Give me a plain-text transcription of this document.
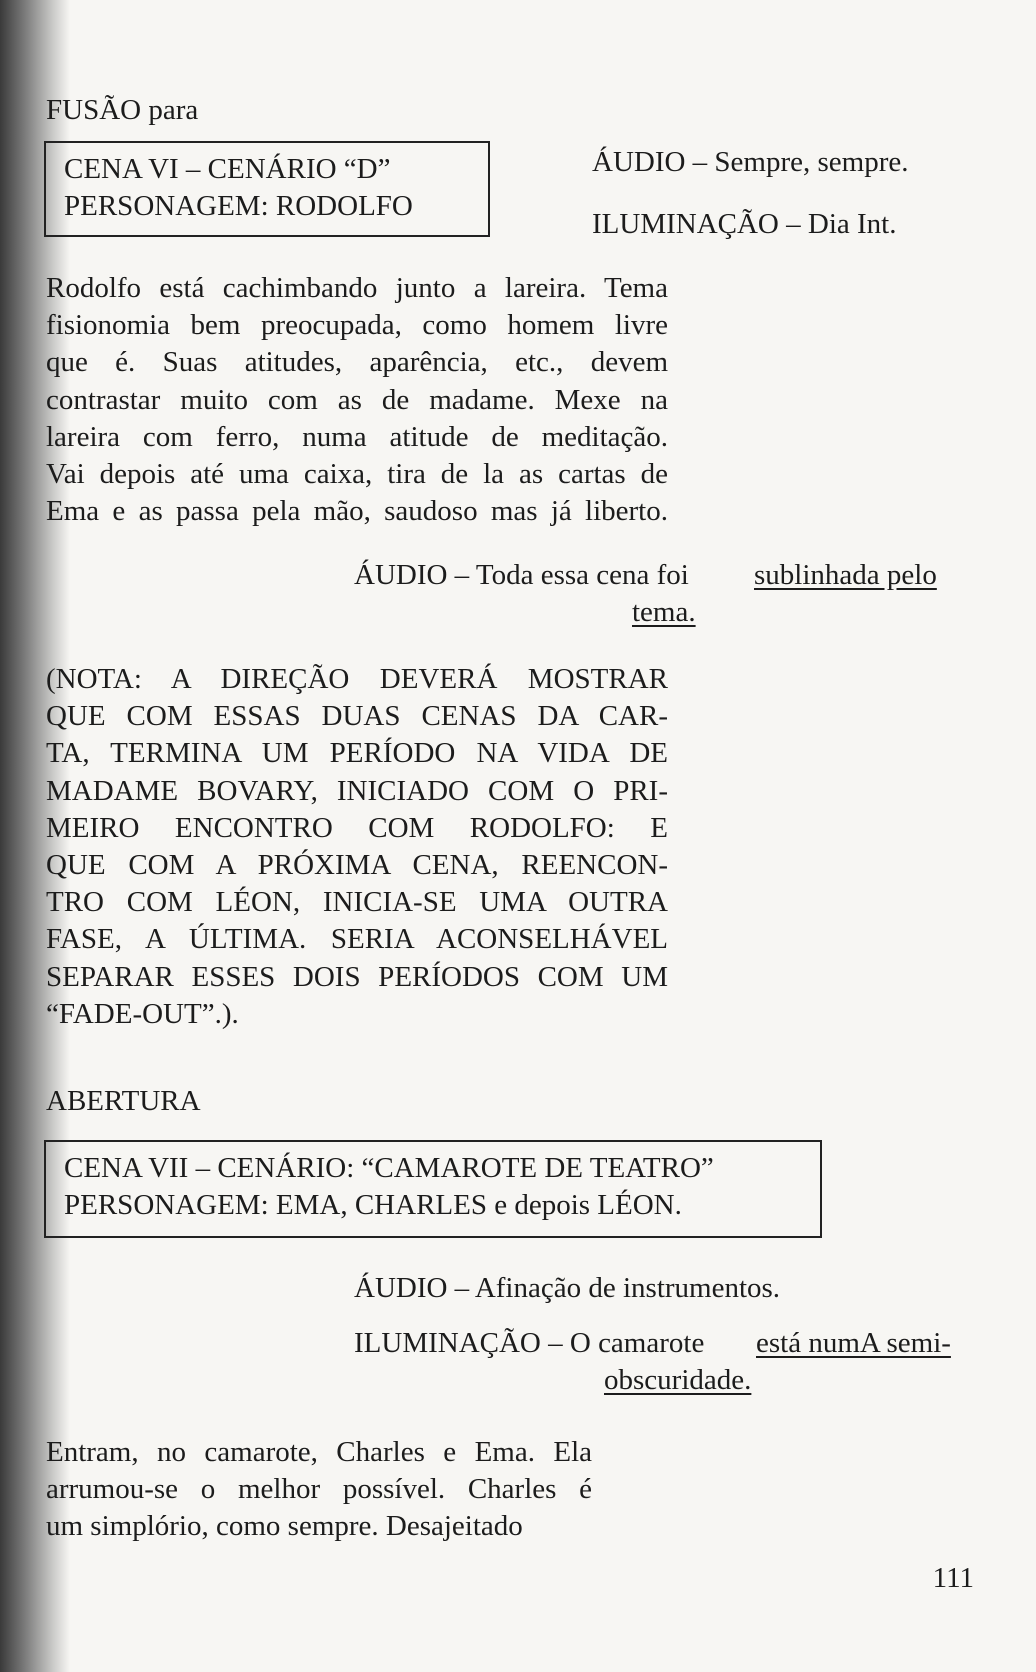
FUSÃO para
CENA VI – CENÁRIO “D”
PERSONAGEM: RODOLFO
ÁUDIO – Sempre, sempre.
ILUMINAÇÃO – Dia Int.
Rodolfo está cachimbando junto a lareira. Tema
fisionomia bem preocupada, como homem livre
que é. Suas atitudes, aparência, etc., devem
contrastar muito com as de madame. Mexe na
lareira com ferro, numa atitude de meditação.
Vai depois até uma caixa, tira de la as cartas de
Ema e as passa pela mão, saudoso mas já liberto.
ÁUDIO – Toda essa cena foi sublinhada pelo
tema.
(NOTA: A DIREÇÃO DEVERÁ MOSTRAR
QUE COM ESSAS DUAS CENAS DA CAR-
TA, TERMINA UM PERÍODO NA VIDA DE
MADAME BOVARY, INICIADO COM O PRI-
MEIRO ENCONTRO COM RODOLFO: E
QUE COM A PRÓXIMA CENA, REENCON-
TRO COM LÉON, INICIA-SE UMA OUTRA
FASE, A ÚLTIMA. SERIA ACONSELHÁVEL
SEPARAR ESSES DOIS PERÍODOS COM UM
“FADE-OUT”.).
ABERTURA
CENA VII – CENÁRIO: “CAMAROTE DE TEATRO”
PERSONAGEM: EMA, CHARLES e depois LÉON.
ÁUDIO – Afinação de instrumentos.
ILUMINAÇÃO – O camarote está numA semi-
obscuridade.
Entram, no camarote, Charles e Ema. Ela
arrumou-se o melhor possível. Charles é
um simplório, como sempre. Desajeitado
111
